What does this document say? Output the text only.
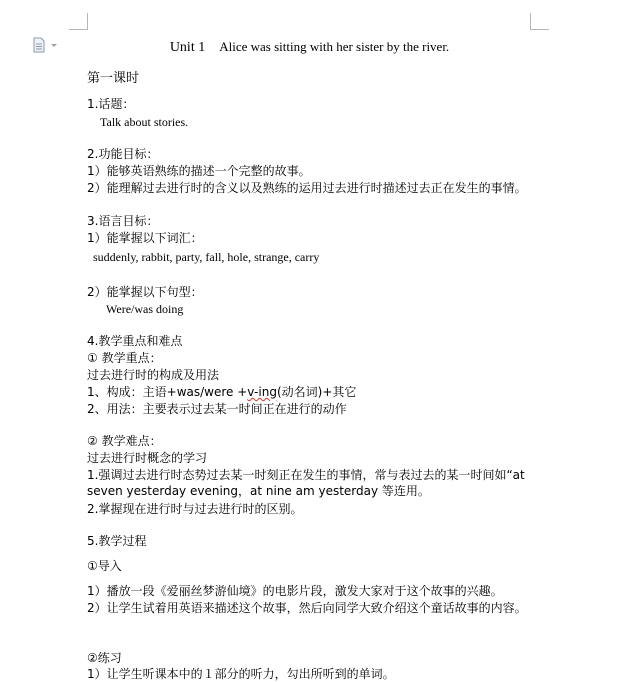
Unit 1 Alice was sitting with her sister by the river.
第一课时
1.话题：
Talk about stories.
2.功能目标：
1）能够英语熟练的描述一个完整的故事。
2）能理解过去进行时的含义以及熟练的运用过去进行时描述过去正在发生的事情。
3.语言目标：
1）能掌握以下词汇：
suddenly, rabbit, party, fall, hole, strange, carry
2）能掌握以下句型：
Were/was doing
4.教学重点和难点
① 教学重点：
过去进行时的构成及用法
1、构成：主语+was/were +v-ing(动名词)+其它
2、用法：主要表示过去某一时间正在进行的动作
② 教学难点：
过去进行时概念的学习
1.强调过去进行时态势过去某一时刻正在发生的事情，常与表过去的某一时间如“at seven yesterday evening，at nine am yesterday 等连用。
2.掌握现在进行时与过去进行时的区别。
5.教学过程
①导入
1）播放一段《爱丽丝梦游仙境》的电影片段，激发大家对于这个故事的兴趣。
2）让学生试着用英语来描述这个故事，然后向同学大致介绍这个童话故事的内容。
②练习
1）让学生听课本中的１部分的听力，勾出所听到的单词。
